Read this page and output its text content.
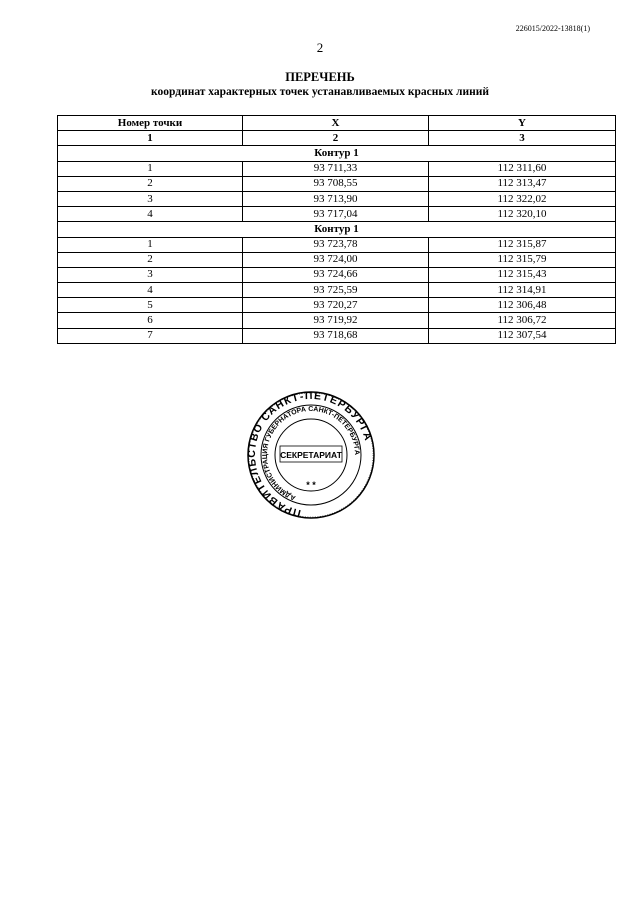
226015/2022-13818(1)
2
ПЕРЕЧЕНЬ
координат характерных точек устанавливаемых красных линий
Номер точки	X	Y
1	2	3
Контур 1		
1	93 711,33	112 311,60
2	93 708,55	112 313,47
3	93 713,90	112 322,02
4	93 717,04	112 320,10
Контур 1		
1	93 723,78	112 315,87
2	93 724,00	112 315,79
3	93 724,66	112 315,43
4	93 725,59	112 314,91
5	93 720,27	112 306,48
6	93 719,92	112 306,72
7	93 718,68	112 307,54
ПРАВИТЕЛЬСТВО САНКТ-ПЕТЕРБУРГА
АДМИНИСТРАЦИЯ ГУБЕРНАТОРА САНКТ-ПЕТЕРБУРГА
СЕКРЕТАРИАТ
* *
